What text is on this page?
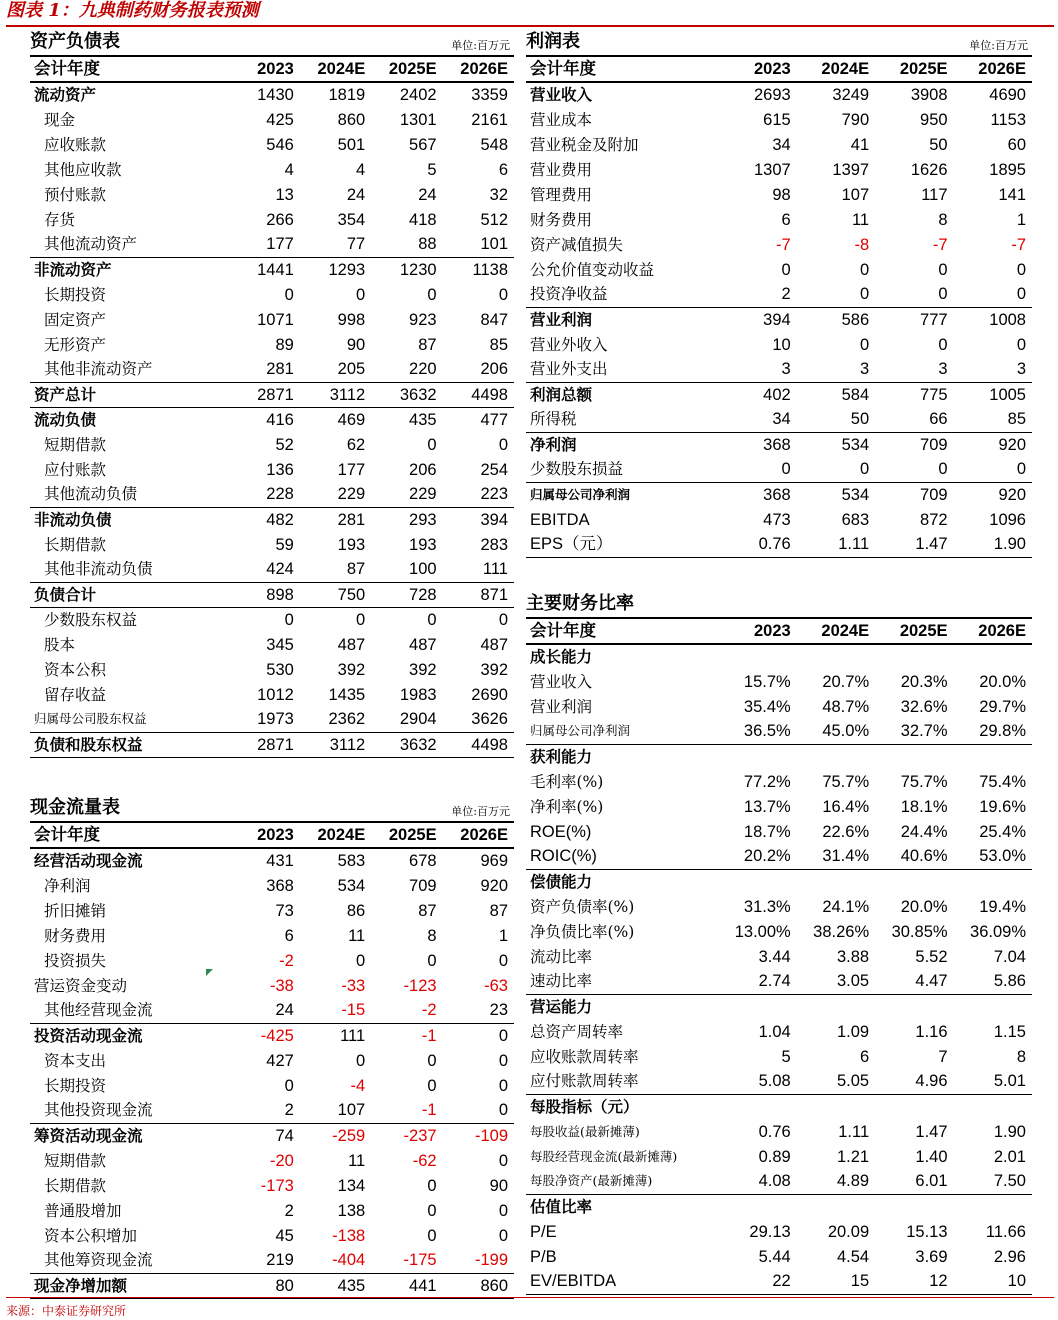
图表 1：九典制药财务报表预测
资产负债表	单位:百万元
会计年度	2023	2024E	2025E	2026E
流动资产	1430	1819	2402	3359
现金	425	860	1301	2161
应收账款	546	501	567	548
其他应收款	4	4	5	6
预付账款	13	24	24	32
存货	266	354	418	512
其他流动资产	177	77	88	101
非流动资产	1441	1293	1230	1138
长期投资	0	0	0	0
固定资产	1071	998	923	847
无形资产	89	90	87	85
其他非流动资产	281	205	220	206
资产总计	2871	3112	3632	4498
流动负债	416	469	435	477
短期借款	52	62	0	0
应付账款	136	177	206	254
其他流动负债	228	229	229	223
非流动负债	482	281	293	394
长期借款	59	193	193	283
其他非流动负债	424	87	100	111
负债合计	898	750	728	871
少数股东权益	0	0	0	0
股本	345	487	487	487
资本公积	530	392	392	392
留存收益	1012	1435	1983	2690
归属母公司股东权益	1973	2362	2904	3626
负债和股东权益	2871	3112	3632	4498
现金流量表	单位:百万元
会计年度	2023	2024E	2025E	2026E
经营活动现金流	431	583	678	969
净利润	368	534	709	920
折旧摊销	73	86	87	87
财务费用	6	11	8	1
投资损失	-2	0	0	0
营运资金变动	-38	-33	-123	-63
其他经营现金流	24	-15	-2	23
投资活动现金流	-425	111	-1	0
资本支出	427	0	0	0
长期投资	0	-4	0	0
其他投资现金流	2	107	-1	0
筹资活动现金流	74	-259	-237	-109
短期借款	-20	11	-62	0
长期借款	-173	134	0	90
普通股增加	2	138	0	0
资本公积增加	45	-138	0	0
其他筹资现金流	219	-404	-175	-199
现金净增加额	80	435	441	860
利润表	单位:百万元
会计年度	2023	2024E	2025E	2026E
营业收入	2693	3249	3908	4690
营业成本	615	790	950	1153
营业税金及附加	34	41	50	60
营业费用	1307	1397	1626	1895
管理费用	98	107	117	141
财务费用	6	11	8	1
资产减值损失	-7	-8	-7	-7
公允价值变动收益	0	0	0	0
投资净收益	2	0	0	0
营业利润	394	586	777	1008
营业外收入	10	0	0	0
营业外支出	3	3	3	3
利润总额	402	584	775	1005
所得税	34	50	66	85
净利润	368	534	709	920
少数股东损益	0	0	0	0
归属母公司净利润	368	534	709	920
EBITDA	473	683	872	1096
EPS（元）	0.76	1.11	1.47	1.90
主要财务比率
会计年度	2023	2024E	2025E	2026E
成长能力				
营业收入	15.7%	20.7%	20.3%	20.0%
营业利润	35.4%	48.7%	32.6%	29.7%
归属母公司净利润	36.5%	45.0%	32.7%	29.8%
获利能力				
毛利率(%)	77.2%	75.7%	75.7%	75.4%
净利率(%)	13.7%	16.4%	18.1%	19.6%
ROE(%)	18.7%	22.6%	24.4%	25.4%
ROIC(%)	20.2%	31.4%	40.6%	53.0%
偿债能力				
资产负债率(%)	31.3%	24.1%	20.0%	19.4%
净负债比率(%)	13.00%	38.26%	30.85%	36.09%
流动比率	3.44	3.88	5.52	7.04
速动比率	2.74	3.05	4.47	5.86
营运能力				
总资产周转率	1.04	1.09	1.16	1.15
应收账款周转率	5	6	7	8
应付账款周转率	5.08	5.05	4.96	5.01
每股指标（元）				
每股收益(最新摊薄)	0.76	1.11	1.47	1.90
每股经营现金流(最新摊薄)	0.89	1.21	1.40	2.01
每股净资产(最新摊薄)	4.08	4.89	6.01	7.50
估值比率				
P/E	29.13	20.09	15.13	11.66
P/B	5.44	4.54	3.69	2.96
EV/EBITDA	22	15	12	10
来源：中泰证券研究所
